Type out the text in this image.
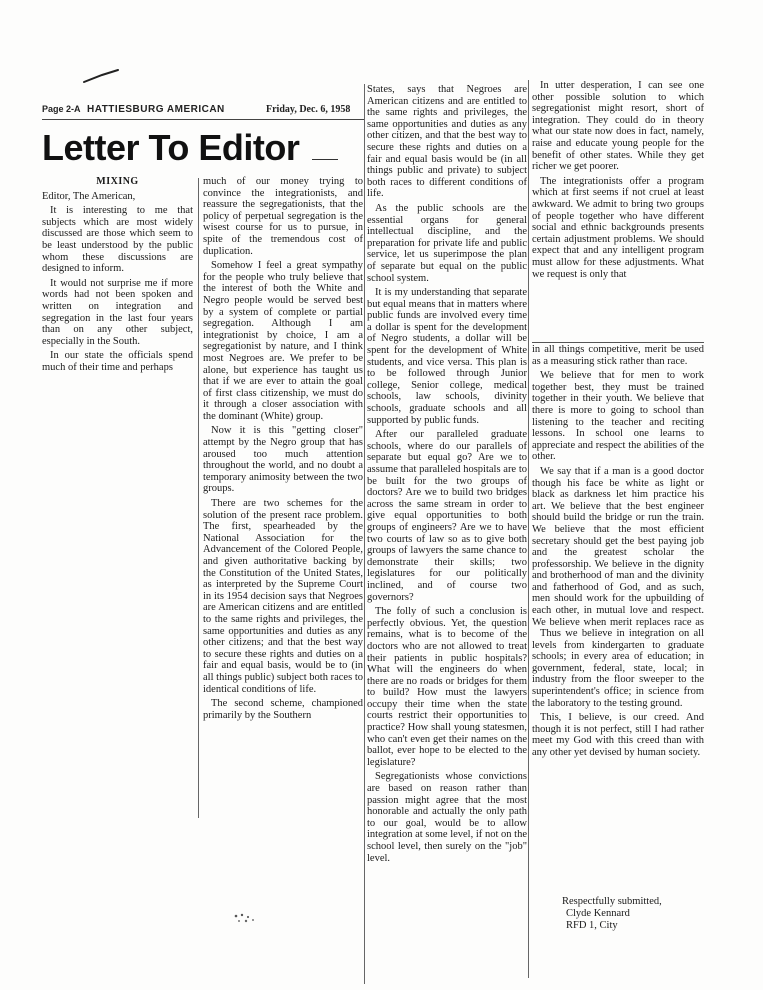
Page 2-A HATTIESBURG AMERICAN	Friday, Dec. 6, 1958
Letter To Editor

MIXING

Editor, The American,

It is interesting to me that subjects which are most widely discussed are those which seem to be least understood by the public whom these discussions are designed to inform.

It would not surprise me if more words had not been spoken and written on integration and segregation in the last four years than on any other subject, especially in the South.

In our state the officials spend much of their time and perhaps

much of our money trying to convince the integrationists, and reassure the segregationists, that the policy of perpetual segregation is the wisest course for us to pursue, in spite of the tremendous cost of duplication.

Somehow I feel a great sympathy for the people who truly believe that the interest of both the White and Negro people would be served best by a system of complete or partial segregation. Although I am integrationist by choice, I am a segregationist by nature, and I think most Negroes are. We prefer to be alone, but experience has taught us that if we are ever to attain the goal of first class citizenship, we must do it through a closer association with the dominant (White) group.

Now it is this "getting closer" attempt by the Negro group that has aroused too much attention throughout the world, and no doubt a temporary animosity between the two groups.

There are two schemes for the solution of the present race problem. The first, spearheaded by the National Association for the Advancement of the Colored People, and given authoritative backing by the Constitution of the United States, as interpreted by the Supreme Court in its 1954 decision says that Negroes are American citizens and are entitled to the same rights and privileges, the same opportunities and duties as any other citizens; and that the best way to secure these rights and duties on a fair and equal basis, would be to (in all things public) subject both races to identical conditions of life.

The second scheme, championed primarily by the Southern

States, says that Negroes are American citizens and are entitled to the same rights and privileges, the same opportunities and duties as any other citizen, and that the best way to secure these rights and duties on a fair and equal basis would be (in all things public and private) to subject both races to different conditions of life.

As the public schools are the essential organs for general intellectual discipline, and the preparation for private life and public service, let us superimpose the plan of separate but equal on the public school system.

It is my understanding that separate but equal means that in matters where public funds are involved every time a dollar is spent for the development of Negro students, a dollar will be spent for the development of White students, and vice versa. This plan is to be followed through Junior college, Senior college, medical schools, law schools, divinity schools, graduate schools and all supported by public funds.

After our paralleled graduate schools, where do our parallels of separate but equal go? Are we to assume that paralleled hospitals are to be built for the two groups of doctors? Are we to build two bridges across the same stream in order to give equal opportunities to both groups of engineers? Are we to have two courts of law so as to give both groups of lawyers the same chance to demonstrate their skills; two legislatures for our politically inclined, and of course two governors?

The folly of such a conclusion is perfectly obvious. Yet, the question remains, what is to become of the doctors who are not allowed to treat their patients in public hospitals? What will the engineers do when there are no roads or bridges for them to build? How must the lawyers occupy their time when the state courts restrict their opportunities to practice? How shall young statesmen, who can't even get their names on the ballot, ever hope to be elected to the legislature?

Segregationists whose convictions are based on reason rather than passion might agree that the most honorable and actually the only path to our goal, would be to allow integration at some level, if not on the school level, then surely on the "job" level.

In utter desperation, I can see one other possible solution to which segregationist might resort, short of integration. They could do in theory what our state now does in fact, namely, raise and educate young people for the benefit of other states. While they get richer we get poorer.

The integrationists offer a program which at first seems if not cruel at least awkward. We admit to bring two groups of people together who have different social and ethnic backgrounds presents certain adjustment problems. We should expect that and any intelligent program must allow for these adjustments. What we request is only that

in all things competitive, merit be used as a measuring stick rather than race.

We believe that for men to work together best, they must be trained together in their youth. We believe that there is more to going to school than listening to the teacher and reciting lessons. In school one learns to appreciate and respect the abilities of the other.

We say that if a man is a good doctor though his face be white as light or black as darkness let him practice his art. We believe that the best engineer should build the bridge or run the train. We believe that the most efficient secretary should get the best paying job and the greatest scholar the professorship. We believe in the dignity and brotherhood of man and the divinity and fatherhood of God, and as such, men should work for the upbuilding of each other, in mutual love and respect. We believe when merit replaces race as

Thus we believe in integration on all levels from kindergarten to graduate schools; in every area of education; in government, federal, state, local; in industry from the floor sweeper to the superintendent's office; in science from the laboratory to the testing ground.

This, I believe, is our creed. And though it is not perfect, still I had rather meet my God with this creed than with any other yet devised by human society.

Respectfully submitted,
Clyde Kennard
RFD 1, City
